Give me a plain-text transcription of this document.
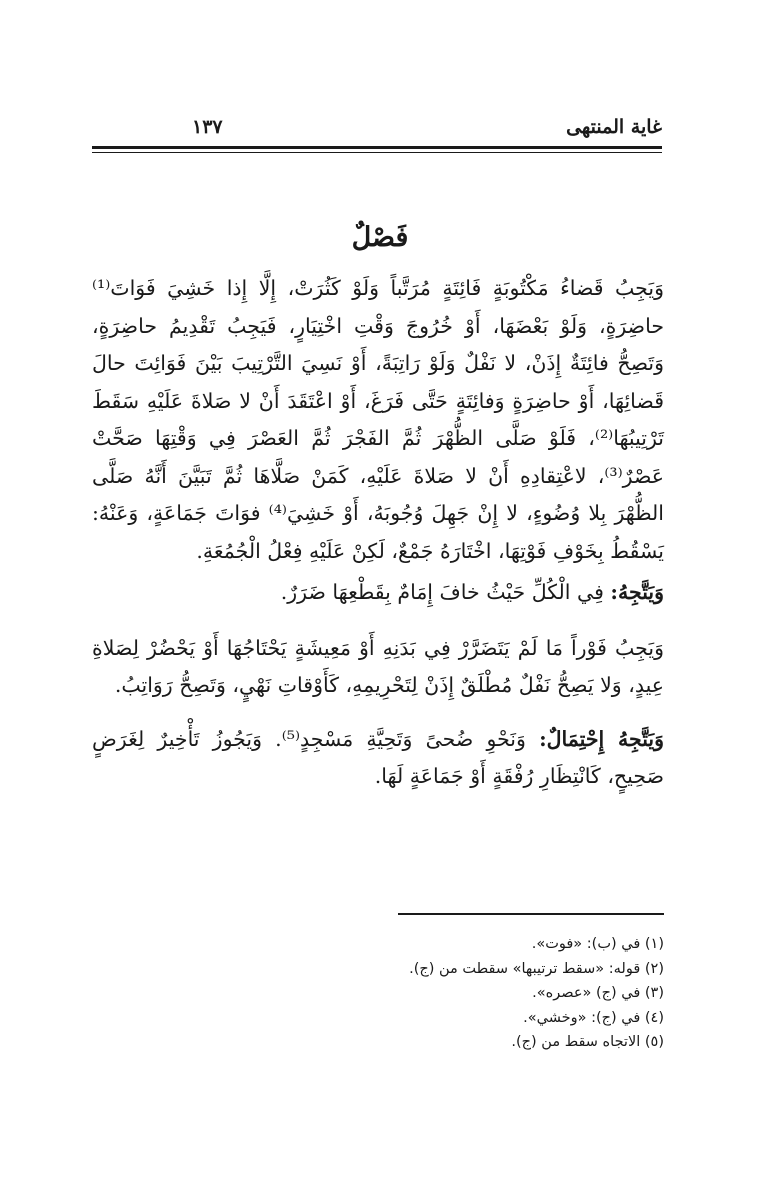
غاية المنتهى
١٣٧
فَصْلٌ

وَيَجِبُ قَضاءُ مَكْتُوبَةٍ فَائِتَةٍ مُرَتَّباً وَلَوْ كَثُرَتْ، إِلَّا إِذا خَشِيَ فَوَاتَ⁽¹⁾ حاضِرَةٍ، وَلَوْ بَعْضَهَا، أَوْ خُرُوجَ وَقْتِ اخْتِيَارٍ، فَيَجِبُ تَقْدِيمُ حاضِرَةٍ، وَتَصِحُّ فائِتَةٌ إِذَنْ، لا نَفْلٌ وَلَوْ رَاتِبَةً، أَوْ نَسِيَ التَّرْتِيبَ بَيْنَ فَوَائِتَ حالَ قَضائِهَا، أَوْ حاضِرَةٍ وَفائِتَةٍ حَتَّى فَرَغَ، أَوْ اعْتَقَدَ أَنْ لا صَلاةَ عَلَيْهِ سَقَطَ تَرْتِيبُهَا⁽²⁾، فَلَوْ صَلَّى الظُّهْرَ ثُمَّ الفَجْرَ ثُمَّ العَصْرَ فِي وَقْتِهَا صَحَّتْ عَصْرٌ⁽³⁾، لاعْتِقادِهِ أَنْ لا صَلاةَ عَلَيْهِ، كَمَنْ صَلَّاهَا ثُمَّ تَبَيَّنَ أَنَّهُ صَلَّى الظُّهْرَ بِلا وُضُوءٍ، لا إِنْ جَهِلَ وُجُوبَهُ، أَوْ خَشِيَ⁽⁴⁾ فوَاتَ جَمَاعَةٍ، وَعَنْهُ: يَسْقُطُ بِخَوْفِ فَوْتِهَا، اخْتَارَهُ جَمْعٌ، لَكِنْ عَلَيْهِ فِعْلُ الْجُمُعَةِ.

وَيَتَّجِهُ: فِي الْكُلِّ حَيْثُ خافَ إِمَامٌ بِقَطْعِهَا ضَرَرٌ.

وَيَجِبُ فَوْراً مَا لَمْ يَتَضَرَّرْ فِي بَدَنِهِ أَوْ مَعِيشَةٍ يَحْتَاجُهَا أَوْ يَحْضُرْ لِصَلاةِ عِيدٍ، وَلا يَصِحُّ نَفْلٌ مُطْلَقٌ إِذَنْ لِتَحْرِيمِهِ، كَأَوْقاتِ نَهْيٍ، وَتَصِحُّ رَوَاتِبُ.

وَيَتَّجِهُ إِحْتِمَالٌ: وَنَحْوِ ضُحىً وَتَحِيَّةِ مَسْجِدٍ⁽⁵⁾. وَيَجُوزُ تَأْخِيرٌ لِغَرَضٍ صَحِيحٍ، كَانْتِظَارِ رُفْقَةٍ أَوْ جَمَاعَةٍ لَهَا.

(١) في (ب): «فوت».

(٢) قوله: «سقط ترتيبها» سقطت من (ج).

(٣) في (ج) «عصره».

(٤) في (ج): «وخشي».

(٥) الاتجاه سقط من (ج).
